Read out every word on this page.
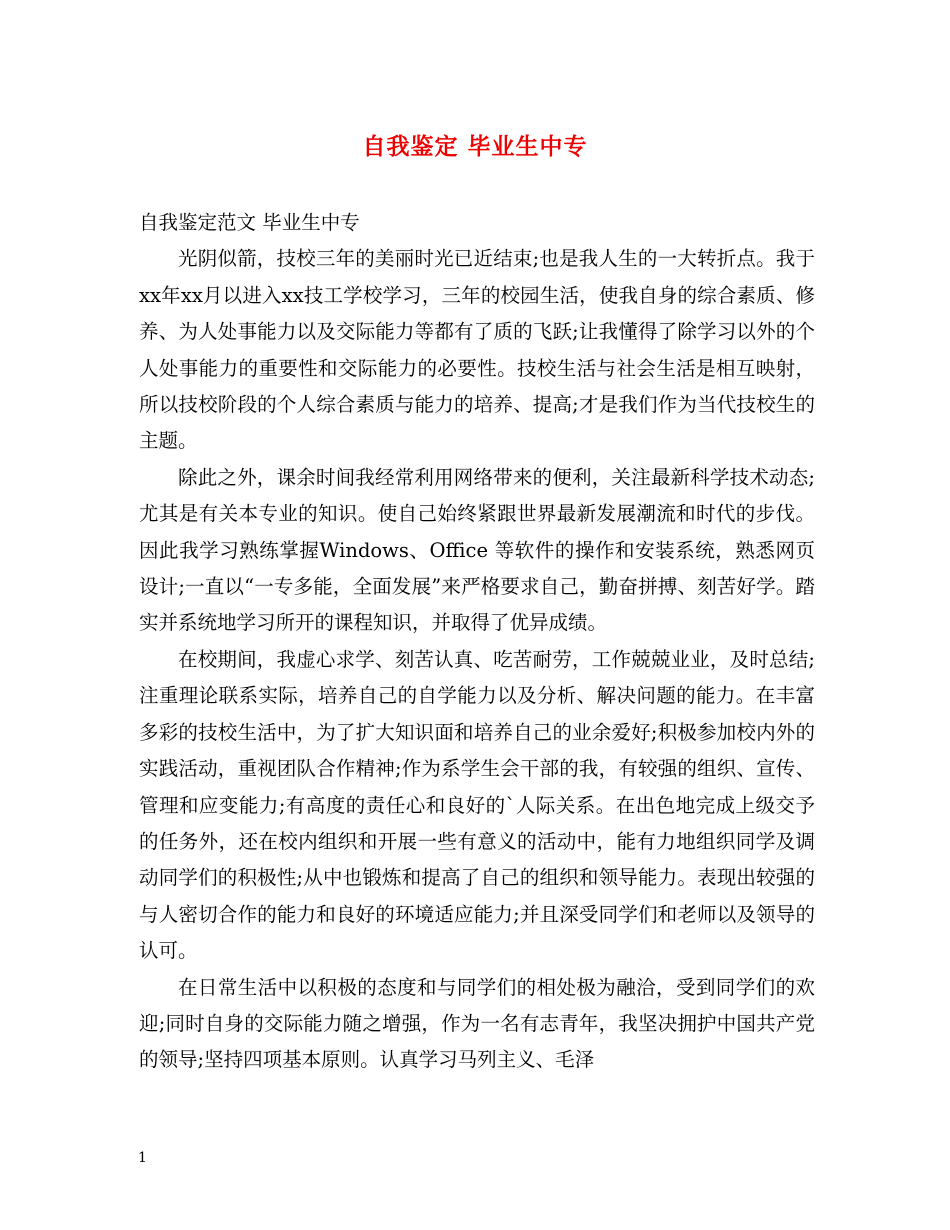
自我鉴定 毕业生中专

自我鉴定范文 毕业生中专

光阴似箭，技校三年的美丽时光已近结束;也是我人生的一大转折点。我于xx年xx月以进入xx技工学校学习，三年的校园生活，使我自身的综合素质、修养、为人处事能力以及交际能力等都有了质的飞跃;让我懂得了除学习以外的个人处事能力的重要性和交际能力的必要性。技校生活与社会生活是相互映射，所以技校阶段的个人综合素质与能力的培养、提高;才是我们作为当代技校生的主题。

除此之外，课余时间我经常利用网络带来的便利，关注最新科学技术动态;尤其是有关本专业的知识。使自己始终紧跟世界最新发展潮流和时代的步伐。因此我学习熟练掌握Windows、Office 等软件的操作和安装系统，熟悉网页设计;一直以“一专多能，全面发展”来严格要求自己，勤奋拼搏、刻苦好学。踏实并系统地学习所开的课程知识，并取得了优异成绩。

在校期间，我虚心求学、刻苦认真、吃苦耐劳，工作兢兢业业，及时总结;注重理论联系实际，培养自己的自学能力以及分析、解决问题的能力。在丰富多彩的技校生活中，为了扩大知识面和培养自己的业余爱好;积极参加校内外的实践活动，重视团队合作精神;作为系学生会干部的我，有较强的组织、宣传、管理和应变能力;有高度的责任心和良好的`人际关系。在出色地完成上级交予的任务外，还在校内组织和开展一些有意义的活动中，能有力地组织同学及调动同学们的积极性;从中也锻炼和提高了自己的组织和领导能力。表现出较强的与人密切合作的能力和良好的环境适应能力;并且深受同学们和老师以及领导的认可。

在日常生活中以积极的态度和与同学们的相处极为融洽，受到同学们的欢迎;同时自身的交际能力随之增强，作为一名有志青年，我坚决拥护中国共产党的领导;坚持四项基本原则。认真学习马列主义、毛泽

1
